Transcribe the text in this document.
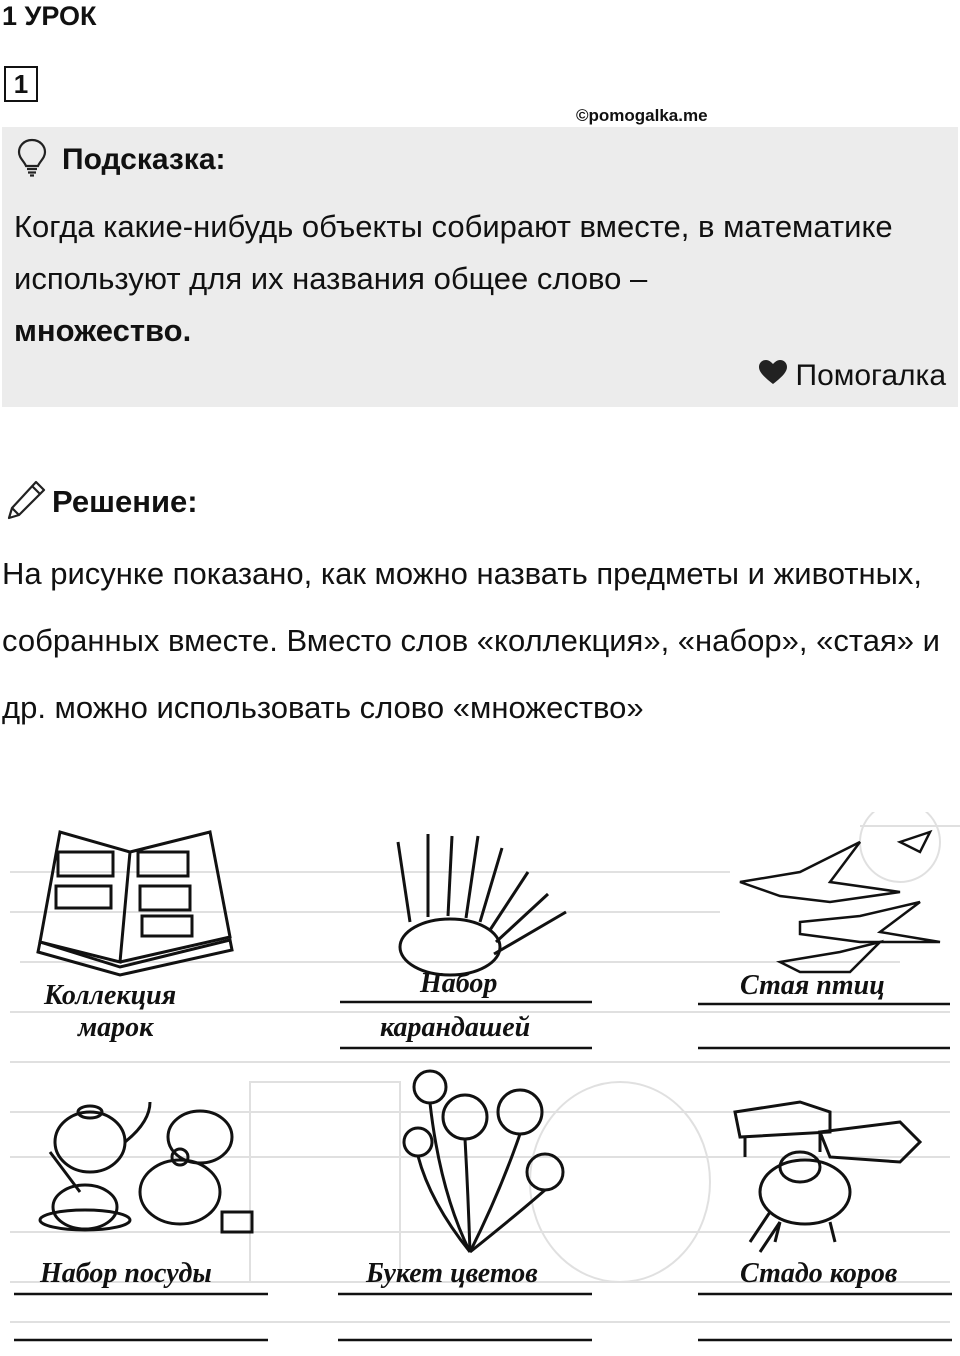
1 УРОК
1
©pomogalka.me
Подсказка:
Когда какие-нибудь объекты собирают вместе, в математике используют для их названия общее слово –
множество.
Помогалка
Решение:
На рисунке показано, как можно назвать предметы и животных, собранных вместе. Вместо слов «коллекция», «набор», «стая» и др. можно использовать слово «множество»
Коллекция
марок
Набор
карандашей
Стая птиц
Набор посуды	Букет цветов	Стадо коров
